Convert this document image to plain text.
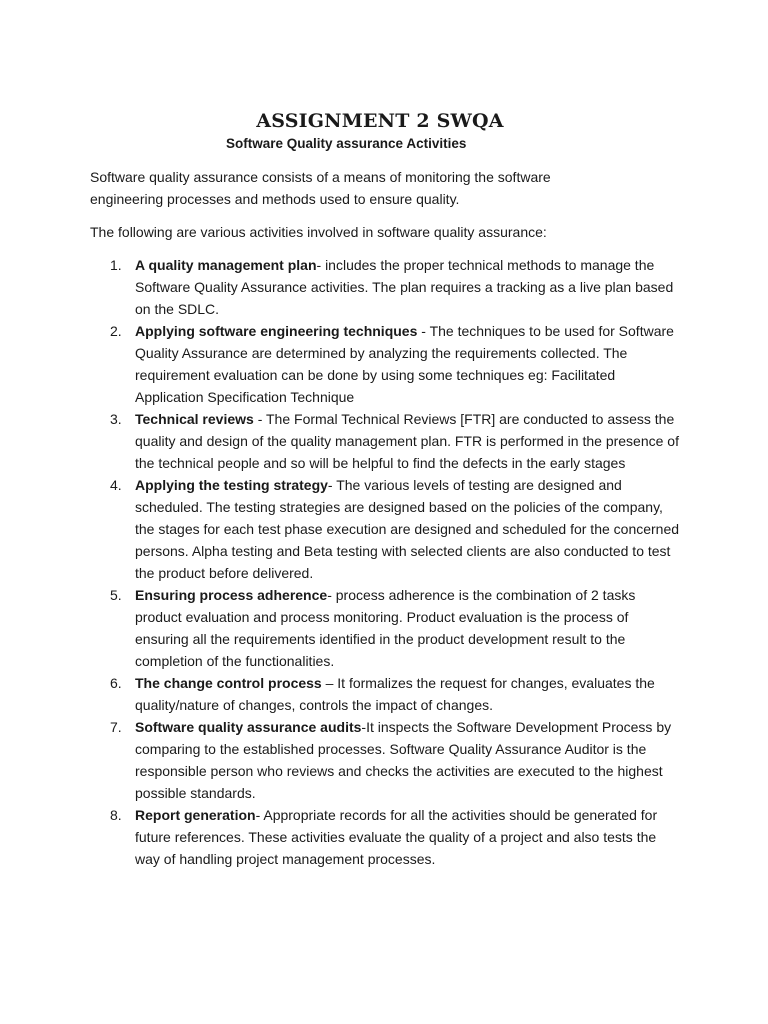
ASSIGNMENT 2 SWQA
Software Quality assurance Activities

Software quality assurance consists of a means of monitoring the software engineering processes and methods used to ensure quality.

The following are various activities involved in software quality assurance:

1. A quality management plan- includes the proper technical methods to manage the Software Quality Assurance activities. The plan requires a tracking as a live plan based on the SDLC.
2. Applying software engineering techniques - The techniques to be used for Software Quality Assurance are determined by analyzing the requirements collected. The requirement evaluation can be done by using some techniques eg: Facilitated Application Specification Technique
3. Technical reviews - The Formal Technical Reviews [FTR] are conducted to assess the quality and design of the quality management plan. FTR is performed in the presence of the technical people and so will be helpful to find the defects in the early stages
4. Applying the testing strategy- The various levels of testing are designed and scheduled. The testing strategies are designed based on the policies of the company, the stages for each test phase execution are designed and scheduled for the concerned persons. Alpha testing and Beta testing with selected clients are also conducted to test the product before delivered.
5. Ensuring process adherence- process adherence is the combination of 2 tasks product evaluation and process monitoring. Product evaluation is the process of ensuring all the requirements identified in the product development result to the completion of the functionalities.
6. The change control process – It formalizes the request for changes, evaluates the quality/nature of changes, controls the impact of changes.
7. Software quality assurance audits-It inspects the Software Development Process by comparing to the established processes. Software Quality Assurance Auditor is the responsible person who reviews and checks the activities are executed to the highest possible standards.
8. Report generation- Appropriate records for all the activities should be generated for future references. These activities evaluate the quality of a project and also tests the way of handling project management processes.
